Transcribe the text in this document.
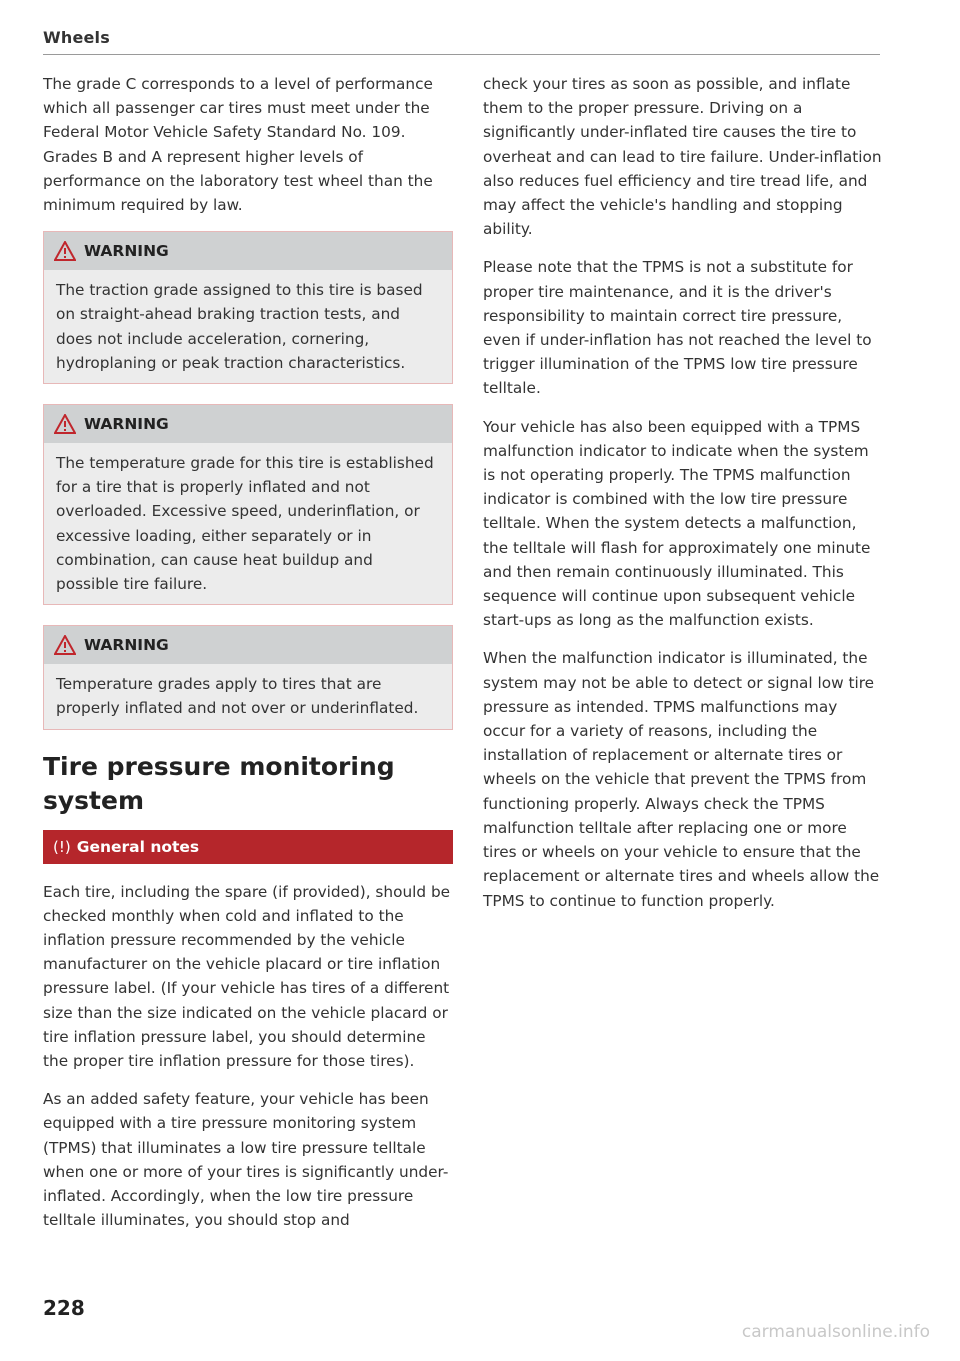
Wheels

The grade C corresponds to a level of performance which all passenger car tires must meet under the Federal Motor Vehicle Safety Standard No. 109. Grades B and A represent higher levels of performance on the laboratory test wheel than the minimum required by law.

WARNING
The traction grade assigned to this tire is based on straight-ahead braking traction tests, and does not include acceleration, cornering, hydroplaning or peak traction characteristics.
WARNING
The temperature grade for this tire is established for a tire that is properly inflated and not overloaded. Excessive speed, underinflation, or excessive loading, either separately or in combination, can cause heat buildup and possible tire failure.
WARNING
Temperature grades apply to tires that are properly inflated and not over or underinflated.
Tire pressure monitoring system
(!) General notes

Each tire, including the spare (if provided), should be checked monthly when cold and inflated to the inflation pressure recommended by the vehicle manufacturer on the vehicle placard or tire inflation pressure label. (If your vehicle has tires of a different size than the size indicated on the vehicle placard or tire inflation pressure label, you should determine the proper tire inflation pressure for those tires).

As an added safety feature, your vehicle has been equipped with a tire pressure monitoring system (TPMS) that illuminates a low tire pressure telltale when one or more of your tires is significantly under-inflated. Accordingly, when the low tire pressure telltale illuminates, you should stop and

check your tires as soon as possible, and inflate them to the proper pressure. Driving on a significantly under-inflated tire causes the tire to overheat and can lead to tire failure. Under-inflation also reduces fuel efficiency and tire tread life, and may affect the vehicle's handling and stopping ability.

Please note that the TPMS is not a substitute for proper tire maintenance, and it is the driver's responsibility to maintain correct tire pressure, even if under-inflation has not reached the level to trigger illumination of the TPMS low tire pressure telltale.

Your vehicle has also been equipped with a TPMS malfunction indicator to indicate when the system is not operating properly. The TPMS malfunction indicator is combined with the low tire pressure telltale. When the system detects a malfunction, the telltale will flash for approximately one minute and then remain continuously illuminated. This sequence will continue upon subsequent vehicle start-ups as long as the malfunction exists.

When the malfunction indicator is illuminated, the system may not be able to detect or signal low tire pressure as intended. TPMS malfunctions may occur for a variety of reasons, including the installation of replacement or alternate tires or wheels on the vehicle that prevent the TPMS from functioning properly. Always check the TPMS malfunction telltale after replacing one or more tires or wheels on your vehicle to ensure that the replacement or alternate tires and wheels allow the TPMS to continue to function properly.

228
carmanualsonline.info
